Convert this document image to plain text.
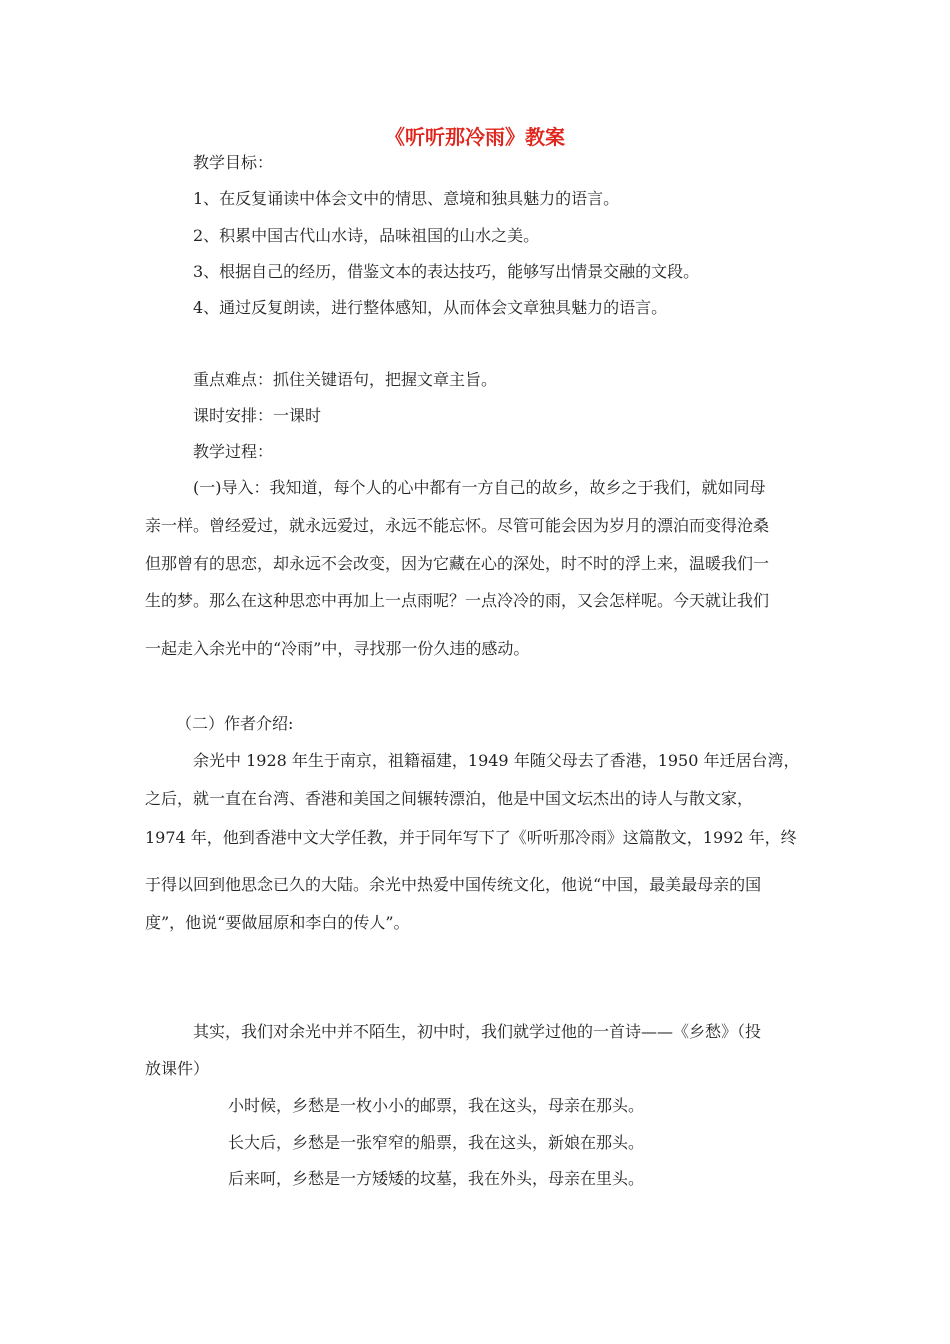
《听听那冷雨》教案
教学目标：
1、在反复诵读中体会文中的情思、意境和独具魅力的语言。
2、积累中国古代山水诗，品味祖国的山水之美。
3、根据自己的经历，借鉴文本的表达技巧，能够写出情景交融的文段。
4、通过反复朗读，进行整体感知，从而体会文章独具魅力的语言。
重点难点：抓住关键语句，把握文章主旨。
课时安排：一课时
教学过程：
(一)导入：我知道，每个人的心中都有一方自己的故乡，故乡之于我们，就如同母
亲一样。曾经爱过，就永远爱过，永远不能忘怀。尽管可能会因为岁月的漂泊而变得沧桑
但那曾有的思恋，却永远不会改变，因为它藏在心的深处，时不时的浮上来，温暖我们一
生的梦。那么在这种思恋中再加上一点雨呢？一点冷冷的雨，又会怎样呢。今天就让我们
一起走入余光中的“冷雨”中，寻找那一份久违的感动。
（二）作者介绍:
余光中 1928 年生于南京，祖籍福建，1949 年随父母去了香港，1950 年迁居台湾，
之后，就一直在台湾、香港和美国之间辗转漂泊，他是中国文坛杰出的诗人与散文家，
1974 年，他到香港中文大学任教，并于同年写下了《听听那冷雨》这篇散文，1992 年，终
于得以回到他思念已久的大陆。余光中热爱中国传统文化，他说“中国，最美最母亲的国
度”，他说“要做屈原和李白的传人”。
其实，我们对余光中并不陌生，初中时，我们就学过他的一首诗——《乡愁》（投
放课件）
小时候，乡愁是一枚小小的邮票，我在这头，母亲在那头。
长大后，乡愁是一张窄窄的船票，我在这头，新娘在那头。
后来呵，乡愁是一方矮矮的坟墓，我在外头，母亲在里头。
